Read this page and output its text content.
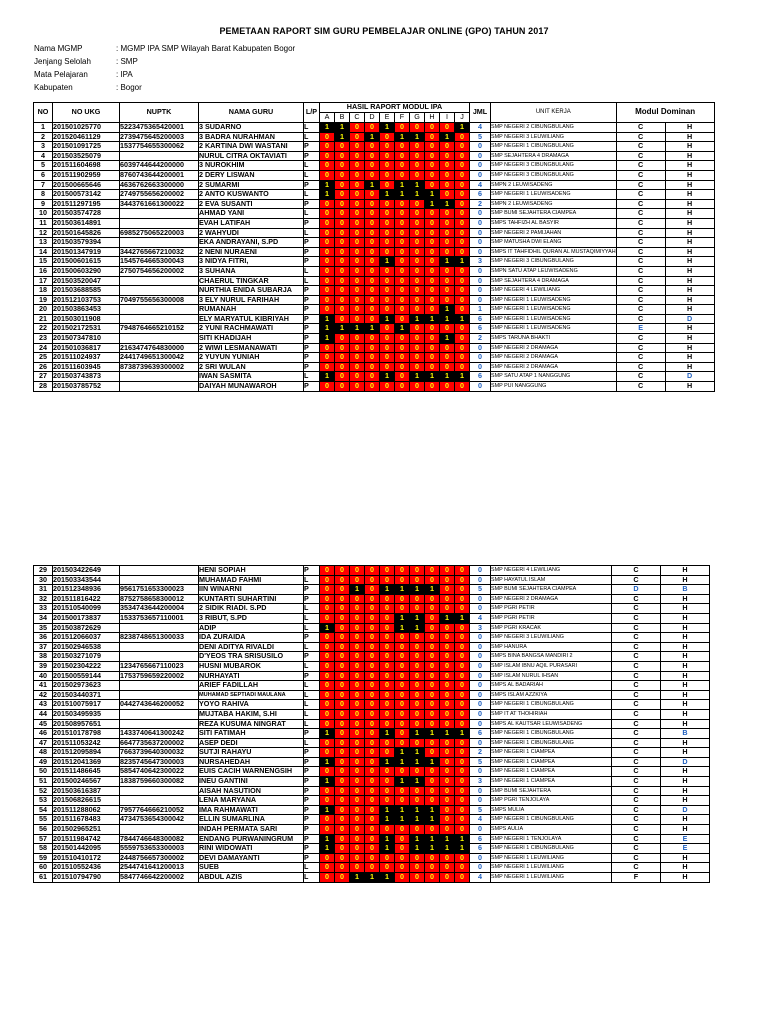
PEMETAAN RAPORT SIM GURU PEMBELAJAR ONLINE (GPO) TAHUN 2017
Nama MGMP	: MGMP IPA SMP Wilayah Barat Kabupaten Bogor
Jenjang Selolah	: SMP
Mata Pelajaran	: IPA
Kabupaten	: Bogor
NO	NO UKG	NUPTK	NAMA GURU	L/P	HASIL RAPORT MODUL IPA										JML	UNIT KERJA	Modul Dominan	
					A	B	C	D	E	F	G	H	I	J				
1	201501025770	5223475365420001	3 SUDARNO	L	1	1	0	0	1	0	0	0	0	1	4	SMP NEGERI 2 CIBUNGBULANG	C	H
2	201520461129	2739475645200003	3 BADRA NURAHMAN	L	0	1	0	1	0	1	1	0	1	0	5	SMP NEGERI 3 LEUWILIANG	C	H
3	201501091725	1537754655300062	2 KARTINA DWI WASTANI	P	0	0	0	0	0	0	0	0	0	0	0	SMP NEGERI 1 CIBUNGBULANG	C	H
4	201503525079		NURUL CITRA OKTAVIATI	P	0	0	0	0	0	0	0	0	0	0	0	SMP SEJAHTERA 4 DRAMAGA	C	H
5	201511604698	6039744644200000	3 NUROKHIM	L	0	0	0	0	0	0	0	0	0	0	0	SMP NEGERI 3 CIBUNGBULANG	C	H
6	201511902959	8760743644200001	2 DERY LISWAN	L	0	0	0	0	0	0	0	0	0	0	0	SMP NEGERI 3 CIBUNGBULANG	C	H
7	201500665646	4636762663300000	2 SUMARMI	P	1	0	0	1	0	1	1	0	0	0	4	SMPN 2 LEUWISADENG	C	H
8	201500573142	2749755656200002	2 ANTO KUSWANTO	L	1	0	0	0	1	1	1	1	0	0	6	SMP NEGERI 1 LEUWISADENG	C	H
9	201511297195	3443761661300022	2 EVA SUSANTI	P	0	0	0	0	0	0	0	1	1	0	2	SMPN 2 LEUWISADENG	C	H
10	201503574728		AHMAD YANI	L	0	0	0	0	0	0	0	0	0	0	0	SMP BUMI SEJAHTERA CIAMPEA	C	H
11	201503614891		EVAH LATIFAH	P	0	0	0	0	0	0	0	0	0	0	0	SMPS TAHFIZH AL BASYIR	C	H
12	201501645826	6985275065220003	2 WAHYUDI	L	0	0	0	0	0	0	0	0	0	0	0	SMP NEGERI 2 PAMIJAHAN	C	H
13	201503579394		EKA ANDRAYANI, S.PD	P	0	0	0	0	0	0	0	0	0	0	0	SMP MATUSHA DWI ELANG	C	H
14	201501347919	3442765667210032	2 NENI NURAENI	P	0	0	0	0	0	0	0	0	0	0	0	SMPS IT TAHFIDHIL QURAN AL MUSTAQIMIYYAH	C	H
15	201500601615	1545764665300043	3 NIDYA FITRI,	P	0	0	0	0	1	0	0	0	1	1	3	SMP NEGERI 3 CIBUNGBULANG	C	H
16	201500603290	2750754656200002	3 SUHANA	L	0	0	0	0	0	0	0	0	0	0	0	SMPN SATU ATAP LEUWISADENG	C	H
17	201503520047		CHAERUL TINGKAR	L	0	0	0	0	0	0	0	0	0	0	0	SMP SEJAHTERA 4 DRAMAGA	C	H
18	201503688585		NURTHIA ENIDA SUBARJA	P	0	0	0	0	0	0	0	0	0	0	0	SMP NEGERI 4 LEWILIANG	C	H
19	201512103753	7049755656300008	3 ELY NURUL FARIHAH	P	0	0	0	0	0	0	0	0	0	0	0	SMP NEGERI 1 LEUWISADENG	C	H
20	201503863453		RUMANAH	P	0	0	0	0	0	0	0	0	1	0	1	SMP NEGERI 1 LEUWISADENG	C	H
21	201503011908		ELY MARYATUL KIBRIYAH	P	1	0	0	0	1	0	1	1	1	1	6	SMP NEGERI 1 LEUWISADENG	C	D
22	201502172531	7948764665210152	2 YUNI RACHMAWATI	P	1	1	1	1	0	1	0	0	0	0	6	SMP NEGERI 1 LEUWISADENG	E	H
23	201507347810		SITI KHADIJAH	P	1	0	0	0	0	0	0	0	1	0	2	SMPS TARUNA BHAKTI	C	H
24	201501036817	2163474764830000	2 WIWI LESMANAWATI	P	0	0	0	0	0	0	0	0	0	0	0	SMP NEGERI 2 DRAMAGA	C	H
25	201511024937	2441749651300042	2 YUYUN YUNIAH	P	0	0	0	0	0	0	0	0	0	0	0	SMP NEGERI 2 DRAMAGA	C	H
26	201511603945	8738739639300002	2 SRI WULAN	P	0	0	0	0	0	0	0	0	0	0	0	SMP NEGERI 2 DRAMAGA	C	H
27	201503743873		IWAN SASMITA	L	1	0	0	0	1	0	1	1	1	1	6	SMP SATU ATAP 1 NANGGUNG	C	D
28	201503785752		DAIYAH MUNAWAROH	P	0	0	0	0	0	0	0	0	0	0	0	SMP PUI NANGGUNG	C	H
29	201503422649		HENI SOPIAH	P	0	0	0	0	0	0	0	0	0	0	0	SMP NEGERI 4 LEWILIANG	C	H
30	201503343544		MUHAMAD FAHMI	L	0	0	0	0	0	0	0	0	0	0	0	SMP HAYATUL ISLAM	C	H
31	201512348936	9561751653300023	IIN WINARNI	P	0	0	1	0	1	1	1	1	0	0	5	SMP BUMI SEJAHTERA CIAMPEA	D	B
32	201511816422	8752758658300012	KUNTARTI SUHARTINI	P	0	0	0	0	0	0	0	0	0	0	0	SMP NEGERI 2 DRAMAGA	C	H
33	201510540099	3534743644200004	2 SIDIK RIADI. S.PD	L	0	0	0	0	0	0	0	0	0	0	0	SMP PGRI PETIR	C	H
34	201500173837	1533753657110001	3 RIBUT, S.PD	L	0	0	0	0	0	1	1	0	1	1	4	SMP PGRI PETIR	C	H
35	201503872629		ADIP	L	1	0	0	0	0	1	1	0	0	0	3	SMP PGRI KRACAK	C	H
36	201512066037	8238748651300033	IDA ZURAIDA	P	0	0	0	0	0	0	0	0	0	0	0	SMP NEGERI 3 LEUWILIANG	C	H
37	201502946538		DENI ADITYA RIVALDI	L	0	0	0	0	0	0	0	0	0	0	0	SMP HANURA	C	H
38	201503271079		D'YEOS TRA SRISUSILO	P	0	0	0	0	0	0	0	0	0	0	0	SMPS BINA BANGSA MANDIRI 2	C	H
39	201502304222	1234765667110023	HUSNI MUBAROK	L	0	0	0	0	0	0	0	0	0	0	0	SMP ISLAM IBNU AQIL PURASARI	C	H
40	201500559144	1753759659220002	NURHAYATI	P	0	0	0	0	0	0	0	0	0	0	0	SMP ISLAM NURUL IHSAN	C	H
41	201502973623		ARIEF FADILLAH	L	0	0	0	0	0	0	0	0	0	0	0	SMPS AL BADARIAH	C	H
42	201503440371		MUHAMAD SEPTIADI MAULANA	L	0	0	0	0	0	0	0	0	0	0	0	SMPS ISLAM AZZKIYA	C	H
43	201510075917	0442743646200052	YOYO RAHIVA	L	0	0	0	0	0	0	0	0	0	0	0	SMP NEGERI 1 CIBUNGBULANG	C	H
44	201503495935		MUJTABA HAKIM, S.HI	L	0	0	0	0	0	0	0	0	0	0	0	SMP IT AT THOHIRIAH	C	H
45	201508957651		REZA KUSUMA NINGRAT	L	0	0	0	0	0	0	0	0	0	0	0	SMPS AL KAUTSAR LEUWISADENG	C	H
46	201510178798	1433740641300242	SITI FATIMAH	P	1	0	0	0	1	0	1	1	1	1	6	SMP NEGERI 1 CIBUNGBULANG	C	B
47	201511053242	6647735637200002	ASEP DEDI	L	0	0	0	0	0	0	0	0	0	0	0	SMP NEGERI 1 CIBUNGBULANG	C	H
48	201512095894	7663739640300032	SUTJI RAHAYU	P	0	0	0	0	0	1	1	0	0	0	2	SMP NEGERI 1 CIAMPEA	C	H
49	201512041369	8235745647300003	NURSAHEDAH	P	1	0	0	0	1	1	1	1	0	0	5	SMP NEGERI 1 CIAMPEA	C	D
50	201511486645	5854740642300022	EUIS CACIH WARNENGSIH	P	0	0	0	0	0	0	0	0	0	0	0	SMP NEGERI 1 CIAMPEA	C	H
51	201500246567	1838759660300082	INEU GANTINI	P	1	0	0	0	0	1	1	0	0	0	3	SMP NEGERI 1 CIAMPEA	C	H
52	201503616387		AISAH NASUTION	P	0	0	0	0	0	0	0	0	0	0	0	SMP BUMI SEJAHTERA	C	H
53	201506826615		LENA MARYANA	P	0	0	0	0	0	0	0	0	0	0	0	SMP PGRI TENJOLAYA	C	H
54	201511288062	7957764666210052	IMA RAHMAWATI	P	1	0	0	0	1	1	1	1	0	0	5	SMPS MULIA	C	D
55	201511678483	4734753654300042	ELLIN SUMARLINA	P	0	0	0	0	1	1	1	1	0	0	4	SMP NEGERI 1 CIBUNGBULANG	C	H
56	201502965251		INDAH PERMATA SARI	P	0	0	0	0	0	0	0	0	0	0	0	SMPS AULIA	C	H
57	201511984742	7844746648300082	ENDANG PURWANINGRUM	P	1	0	0	0	1	0	1	1	1	1	6	SMP NEGERI 1 TENJOLAYA	C	E
58	201501442095	5559753653300003	RINI WIDOWATI	P	1	0	0	0	1	0	1	1	1	1	6	SMP NEGERI 1 CIBUNGBULANG	C	E
59	201510410172	2448756657300002	DEVI DAMAYANTI	P	0	0	0	0	0	0	0	0	0	0	0	SMP NEGERI 1 LEUWILIANG	C	H
60	201510552436	2544741641200013	SUEB	L	0	0	0	0	0	0	0	0	0	0	0	SMP NEGERI 1 LEUWILIANG	C	H
61	201510794790	5847746642200002	ABDUL AZIS	L	0	0	1	1	1	0	0	0	0	0	4	SMP NEGERI 1 LEUWILIANG	F	H
